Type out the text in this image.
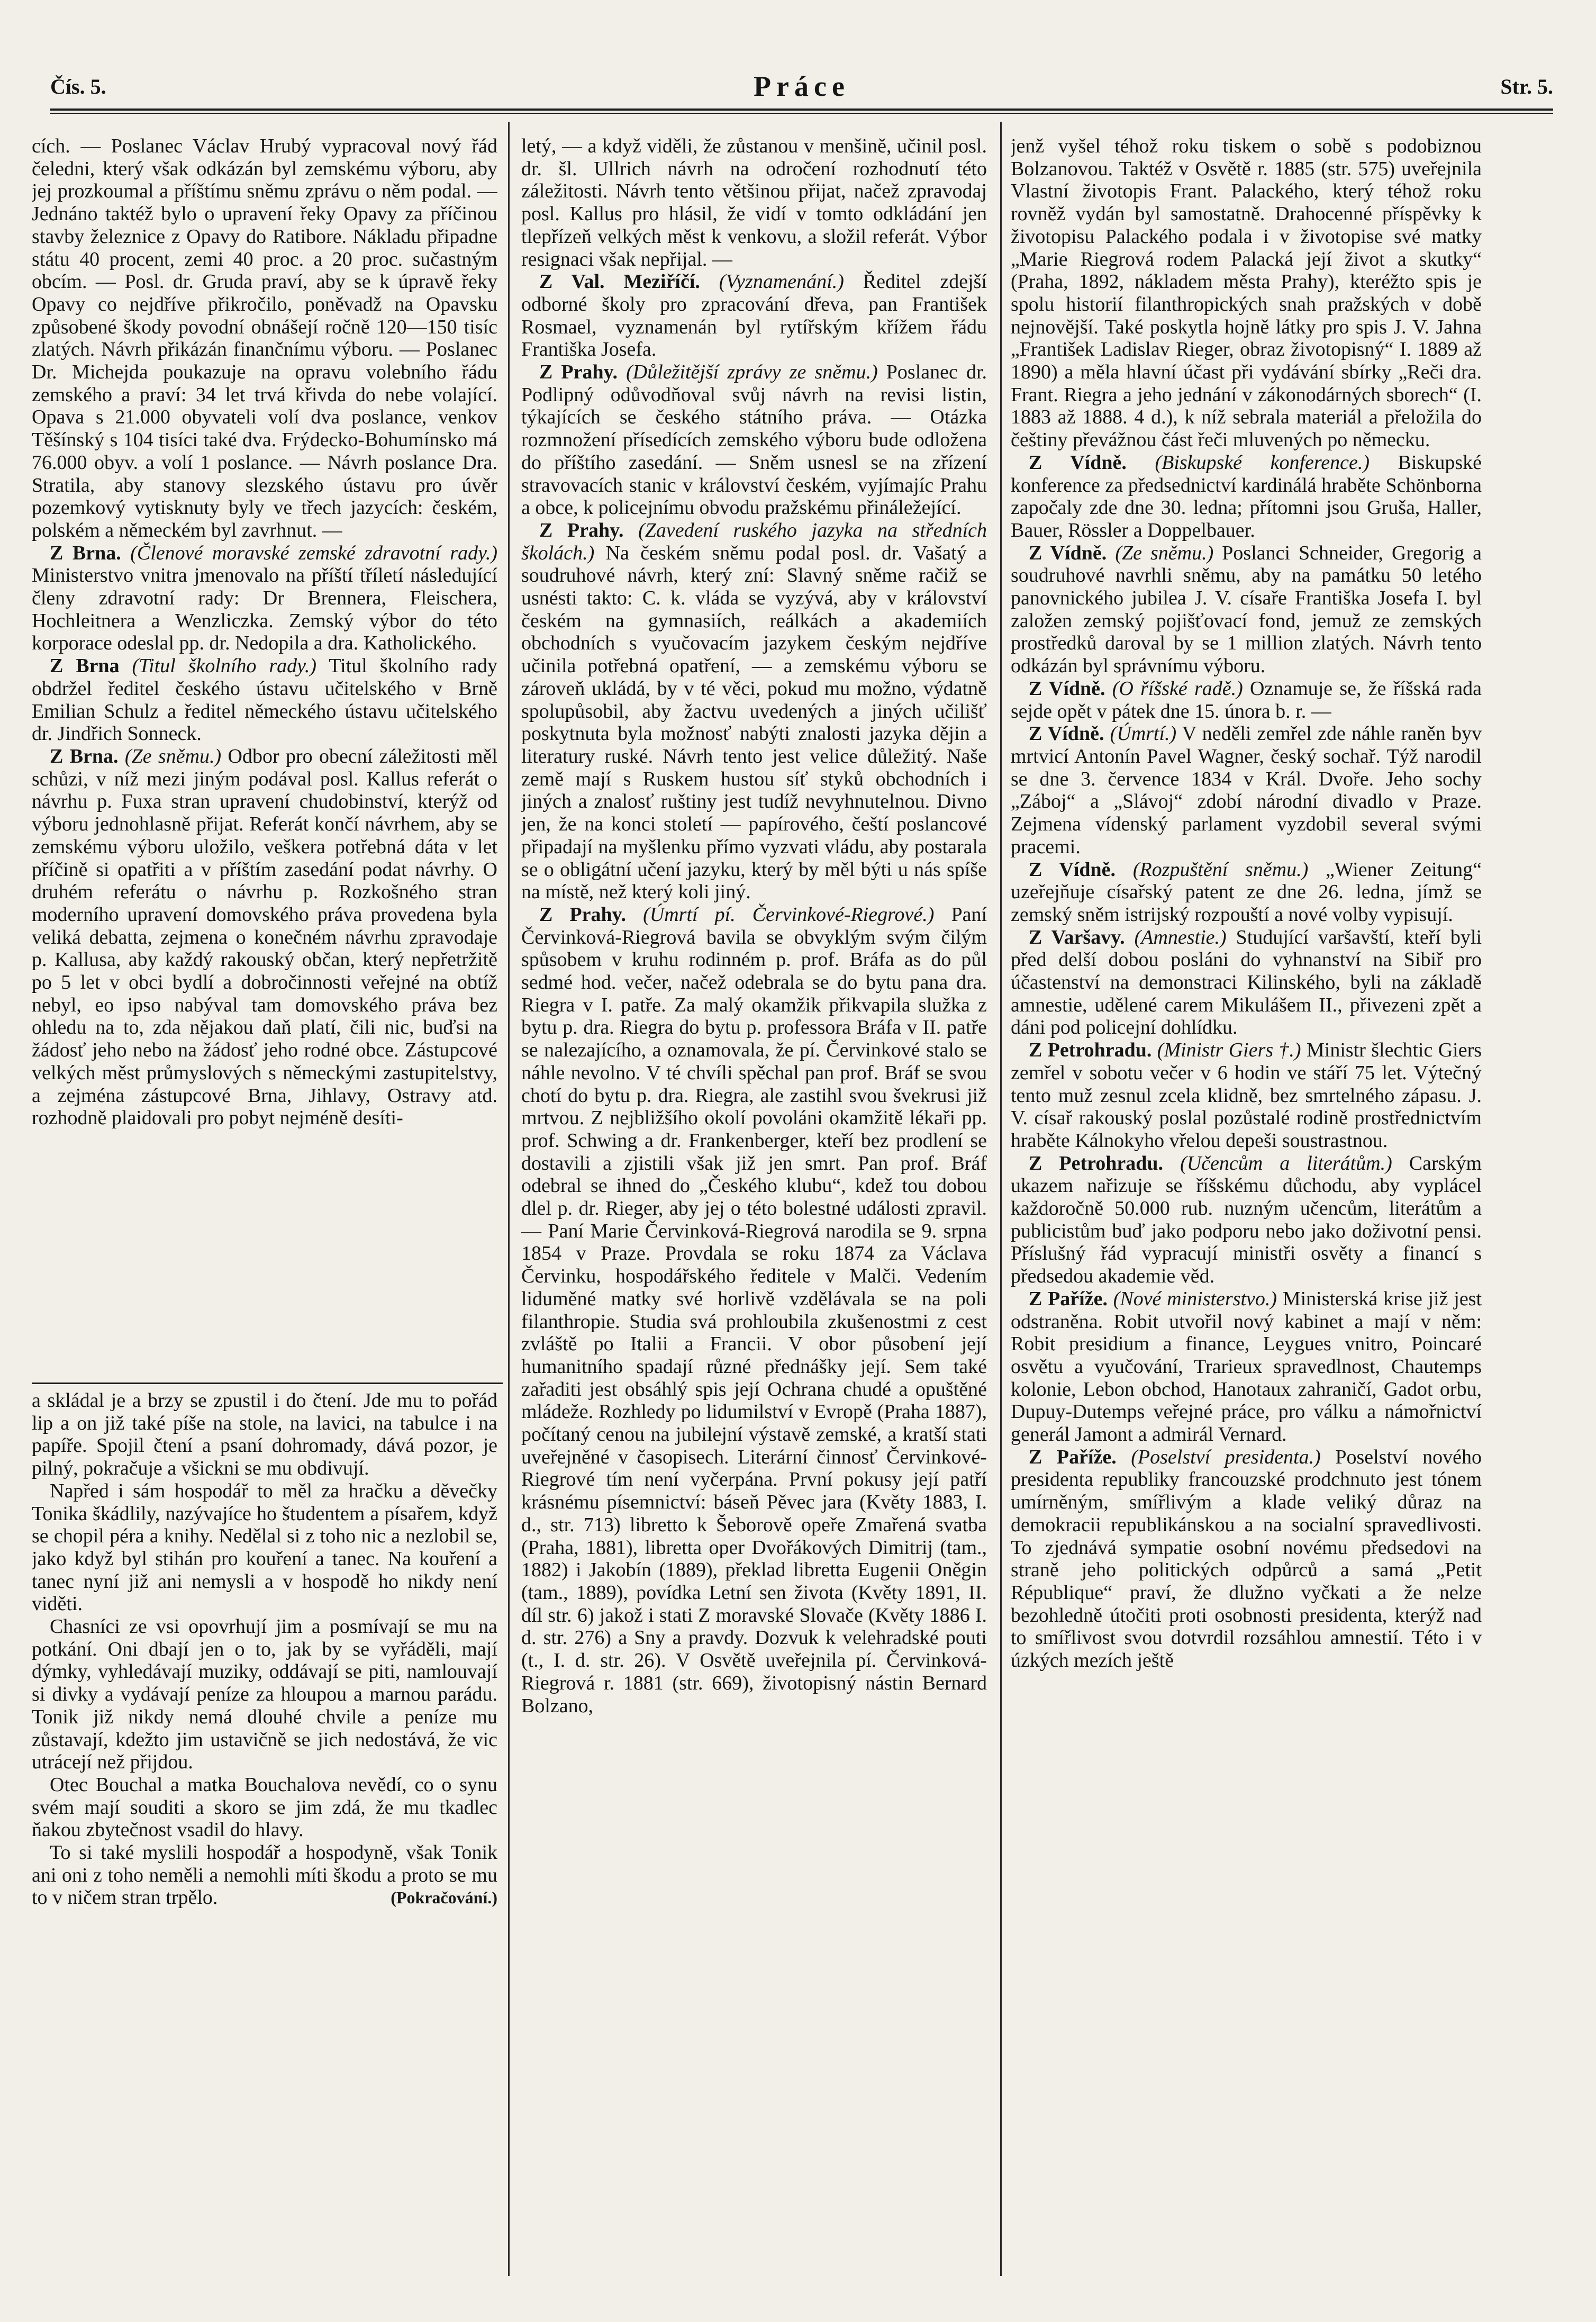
Čís. 5.	Práce	Str. 5.

cích. — Poslanec Václav Hrubý vypracoval nový řád čeledni, který však odkázán byl zemskému výboru, aby jej prozkoumal a příštímu sněmu zprávu o něm podal. — Jednáno taktéž bylo o upravení řeky Opavy za příčinou stavby železnice z Opavy do Ratibore. Nákladu připadne státu 40 procent, zemi 40 proc. a 20 proc. sučastným obcím. — Posl. dr. Gruda praví, aby se k úpravě řeky Opavy co nejdříve přikročilo, poněvadž na Opavsku způsobené škody povodní obnášejí ročně 120—150 tisíc zlatých. Návrh přikázán finančnímu výboru. — Poslanec Dr. Michejda poukazuje na opravu volebního řádu zemského a praví: 34 let trvá křivda do nebe volající. Opava s 21.000 obyvateli volí dva poslance, venkov Těšínský s 104 tisíci také dva. Frýdecko-Bohumínsko má 76.000 obyv. a volí 1 poslance. — Návrh poslance Dra. Stratila, aby stanovy slezského ústavu pro úvěr pozemkový vytisknuty byly ve třech jazycích: českém, polském a německém byl zavrhnut. —

Z Brna. (Členové moravské zemské zdravotní rady.) Ministerstvo vnitra jmenovalo na příští tříletí následující členy zdravotní rady: Dr Brennera, Fleischera, Hochleitnera a Wenzliczka. Zemský výbor do této korporace odeslal pp. dr. Nedopila a dra. Katholického.

Z Brna (Titul školního rady.) Titul školního rady obdržel ředitel českého ústavu učitelského v Brně Emilian Schulz a ředitel německého ústavu učitelského dr. Jindřich Sonneck.

Z Brna. (Ze sněmu.) Odbor pro obecní záležitosti měl schůzi, v níž mezi jiným podával posl. Kallus referát o návrhu p. Fuxa stran upravení chudobinství, kterýž od výboru jednohlasně přijat. Referát končí návrhem, aby se zemskému výboru uložilo, veškera potřebná dáta v let příčině si opatřiti a v příštím zasedání podat návrhy. O druhém referátu o návrhu p. Rozkošného stran moderního upravení domovského práva provedena byla veliká debatta, zejmena o konečném návrhu zpravodaje p. Kallusa, aby každý rakouský občan, který nepřetržitě po 5 let v obci bydlí a dobročinnosti veřejné na obtíž nebyl, eo ipso nabýval tam domovského práva bez ohledu na to, zda nějakou daň platí, čili nic, buďsi na žádosť jeho nebo na žádosť jeho rodné obce. Zástupcové velkých měst průmyslových s německými zastupitelstvy, a zejména zástupcové Brna, Jihlavy, Ostravy atd. rozhodně plaidovali pro pobyt nejméně desíti-

a skládal je a brzy se zpustil i do čtení. Jde mu to pořád lip a on již také píše na stole, na lavici, na tabulce i na papíře. Spojil čtení a psaní dohromady, dává pozor, je pilný, pokračuje a všickni se mu obdivují.

Napřed i sám hospodář to měl za hračku a děvečky Tonika škádlily, nazývajíce ho študentem a písařem, když se chopil péra a knihy. Nedělal si z toho nic a nezlobil se, jako když byl stihán pro kouření a tanec. Na kouření a tanec nyní již ani nemysli a v hospodě ho nikdy není viděti.

Chasníci ze vsi opovrhují jim a posmívají se mu na potkání. Oni dbají jen o to, jak by se vyřáděli, mají dýmky, vyhledávají muziky, oddávají se piti, namlouvají si divky a vydávají peníze za hloupou a marnou parádu. Tonik již nikdy nemá dlouhé chvile a peníze mu zůstavají, kdežto jim ustavičně se jich nedostává, že vic utrácejí než přijdou.

Otec Bouchal a matka Bouchalova nevědí, co o synu svém mají souditi a skoro se jim zdá, že mu tkadlec ňakou zbytečnost vsadil do hlavy.

To si také myslili hospodář a hospodyně, však Tonik ani oni z toho neměli a nemohli míti škodu a proto se mu to v ničem stran trpělo.	(Pokračování.)

letý, — a když viděli, že zůstanou v menšině, učinil posl. dr. šl. Ullrich návrh na odročení rozhodnutí této záležitosti. Návrh tento většinou přijat, načež zpravodaj posl. Kallus pro hlásil, že vidí v tomto odkládání jen tlepřízeň velkých měst k venkovu, a složil referát. Výbor resignaci však nepřijal. —

Z Val. Meziříčí. (Vyznamenání.) Ředitel zdejší odborné školy pro zpracování dřeva, pan František Rosmael, vyznamenán byl rytířským křížem řádu Františka Josefa.

Z Prahy. (Důležitější zprávy ze sněmu.) Poslanec dr. Podlipný odůvodňoval svůj návrh na revisi listin, týkajících se českého státního práva. — Otázka rozmnožení přísedících zemského výboru bude odložena do příštího zasedání. — Sněm usnesl se na zřízení stravovacích stanic v království českém, vyjímajíc Prahu a obce, k policejnímu obvodu pražskému přináležející.

Z Prahy. (Zavedení ruského jazyka na středních školách.) Na českém sněmu podal posl. dr. Vašatý a soudruhové návrh, který zní: Slavný sněme račiž se usnésti takto: C. k. vláda se vyzývá, aby v království českém na gymnasiích, reálkách a akademiích obchodních s vyučovacím jazykem českým nejdříve učinila potřebná opatření, — a zemskému výboru se zároveň ukládá, by v té věci, pokud mu možno, výdatně spolupůsobil, aby žactvu uvedených a jiných učilišť poskytnuta byla možnosť nabýti znalosti jazyka dějin a literatury ruské. Návrh tento jest velice důležitý. Naše země mají s Ruskem hustou síť styků obchodních i jiných a znalosť ruštiny jest tudíž nevyhnutelnou. Divno jen, že na konci století — papírového, čeští poslancové připadají na myšlenku přímo vyzvati vládu, aby postarala se o obligátní učení jazyku, který by měl býti u nás spíše na místě, než který koli jiný.

Z Prahy. (Úmrtí pí. Červinkové-Riegrové.) Paní Červinková-Riegrová bavila se obvyklým svým čilým spůsobem v kruhu rodinném p. prof. Bráfa as do půl sedmé hod. večer, načež odebrala se do bytu pana dra. Riegra v I. patře. Za malý okamžik přikvapila služka z bytu p. dra. Riegra do bytu p. professora Bráfa v II. patře se nalezajícího, a oznamovala, že pí. Červinkové stalo se náhle nevolno. V té chvíli spěchal pan prof. Bráf se svou chotí do bytu p. dra. Riegra, ale zastihl svou švekrusi již mrtvou. Z nejbližšího okolí povoláni okamžitě lékaři pp. prof. Schwing a dr. Frankenberger, kteří bez prodlení se dostavili a zjistili však již jen smrt. Pan prof. Bráf odebral se ihned do „Českého klubu“, kdež tou dobou dlel p. dr. Rieger, aby jej o této bolestné události zpravil. — Paní Marie Červinková-Riegrová narodila se 9. srpna 1854 v Praze. Provdala se roku 1874 za Václava Červinku, hospodářského ředitele v Malči. Vedením liduměné matky své horlivě vzdělávala se na poli filanthropie. Studia svá prohloubila zkušenostmi z cest zvláště po Italii a Francii. V obor působení její humanitního spadají různé přednášky její. Sem také zařaditi jest obsáhlý spis její Ochrana chudé a opuštěné mládeže. Rozhledy po lidumilství v Evropě (Praha 1887), počítaný cenou na jubilejní výstavě zemské, a kratší stati uveřejněné v časopisech. Literární činnosť Červinkové-Riegrové tím není vyčerpána. První pokusy její patří krásnému písemnictví: báseň Pěvec jara (Květy 1883, I. d., str. 713) libretto k Šeborově opeře Zmařená svatba (Praha, 1881), libretta oper Dvořákových Dimitrij (tam., 1882) i Jakobín (1889), překlad libretta Eugenii Oněgin (tam., 1889), povídka Letní sen života (Květy 1891, II. díl str. 6) jakož i stati Z moravské Slovače (Květy 1886 I. d. str. 276) a Sny a pravdy. Dozvuk k velehradské pouti (t., I. d. str. 26). V Osvětě uveřejnila pí. Červinková-Riegrová r. 1881 (str. 669), životopisný nástin Bernard Bolzano,

jenž vyšel téhož roku tiskem o sobě s podobiznou Bolzanovou. Taktéž v Osvětě r. 1885 (str. 575) uveřejnila Vlastní životopis Frant. Palackého, který téhož roku rovněž vydán byl samostatně. Drahocenné příspěvky k životopisu Palackého podala i v životopise své matky „Marie Riegrová rodem Palacká její život a skutky“ (Praha, 1892, nákladem města Prahy), kteréžto spis je spolu historií filanthropických snah pražských v době nejnovější. Také poskytla hojně látky pro spis J. V. Jahna „František Ladislav Rieger, obraz životopisný“ I. 1889 až 1890) a měla hlavní účast při vydávání sbírky „Reči dra. Frant. Riegra a jeho jednání v zákonodárných sborech“ (I. 1883 až 1888. 4 d.), k níž sebrala materiál a přeložila do češtiny převážnou část řeči mluvených po německu.

Z Vídně. (Biskupské konference.) Biskupské konference za předsednictví kardinálá hraběte Schönborna započaly zde dne 30. ledna; přítomni jsou Gruša, Haller, Bauer, Rössler a Doppelbauer.

Z Vídně. (Ze sněmu.) Poslanci Schneider, Gregorig a soudruhové navrhli sněmu, aby na památku 50 letého panovnického jubilea J. V. císaře Františka Josefa I. byl založen zemský pojišťovací fond, jemuž ze zemských prostředků daroval by se 1 million zlatých. Návrh tento odkázán byl správnímu výboru.

Z Vídně. (O říšské radě.) Oznamuje se, že říšská rada sejde opět v pátek dne 15. února b. r. —

Z Vídně. (Úmrtí.) V neděli zemřel zde náhle raněn byv mrtvicí Antonín Pavel Wagner, český sochař. Týž narodil se dne 3. července 1834 v Král. Dvoře. Jeho sochy „Záboj“ a „Slávoj“ zdobí národní divadlo v Praze. Zejmena vídenský parlament vyzdobil several svými pracemi.

Z Vídně. (Rozpuštění sněmu.) „Wiener Zeitung“ uzeřejňuje císařský patent ze dne 26. ledna, jímž se zemský sněm istrijský rozpouští a nové volby vypisují.

Z Varšavy. (Amnestie.) Studující varšavští, kteří byli před delší dobou posláni do vyhnanství na Sibiř pro účastenství na demonstraci Kilinského, byli na základě amnestie, udělené carem Mikulášem II., přivezeni zpět a dáni pod policejní dohlídku.

Z Petrohradu. (Ministr Giers †.) Ministr šlechtic Giers zemřel v sobotu večer v 6 hodin ve stáří 75 let. Výtečný tento muž zesnul zcela klidně, bez smrtelného zápasu. J. V. císař rakouský poslal pozůstalé rodině prostřednictvím hraběte Kálnokyho vřelou depeši soustrastnou.

Z Petrohradu. (Učencům a literátům.) Carským ukazem nařizuje se říšskému důchodu, aby vyplácel každoročně 50.000 rub. nuzným učencům, literátům a publicistům buď jako podporu nebo jako doživotní pensi. Příslušný řád vypracují ministři osvěty a financí s předsedou akademie věd.

Z Paříže. (Nové ministerstvo.) Ministerská krise již jest odstraněna. Robit utvořil nový kabinet a mají v něm: Robit presidium a finance, Leygues vnitro, Poincaré osvětu a vyučování, Trarieux spravedlnost, Chautemps kolonie, Lebon obchod, Hanotaux zahraničí, Gadot orbu, Dupuy-Dutemps veřejné práce, pro válku a námořnictví generál Jamont a admirál Vernard.

Z Paříže. (Poselství presidenta.) Poselství nového presidenta republiky francouzské prodchnuto jest tónem umírněným, smířlivým a klade veliký důraz na demokracii republikánskou a na socialní spravedlivosti. To zjednává sympatie osobní novému předsedovi na straně jeho politických odpůrců a samá „Petit République“ praví, že dlužno vyčkati a že nelze bezohledně útočiti proti osobnosti presidenta, kterýž nad to smířlivost svou dotvrdil rozsáhlou amnestií. Této i v úzkých mezích ještě
